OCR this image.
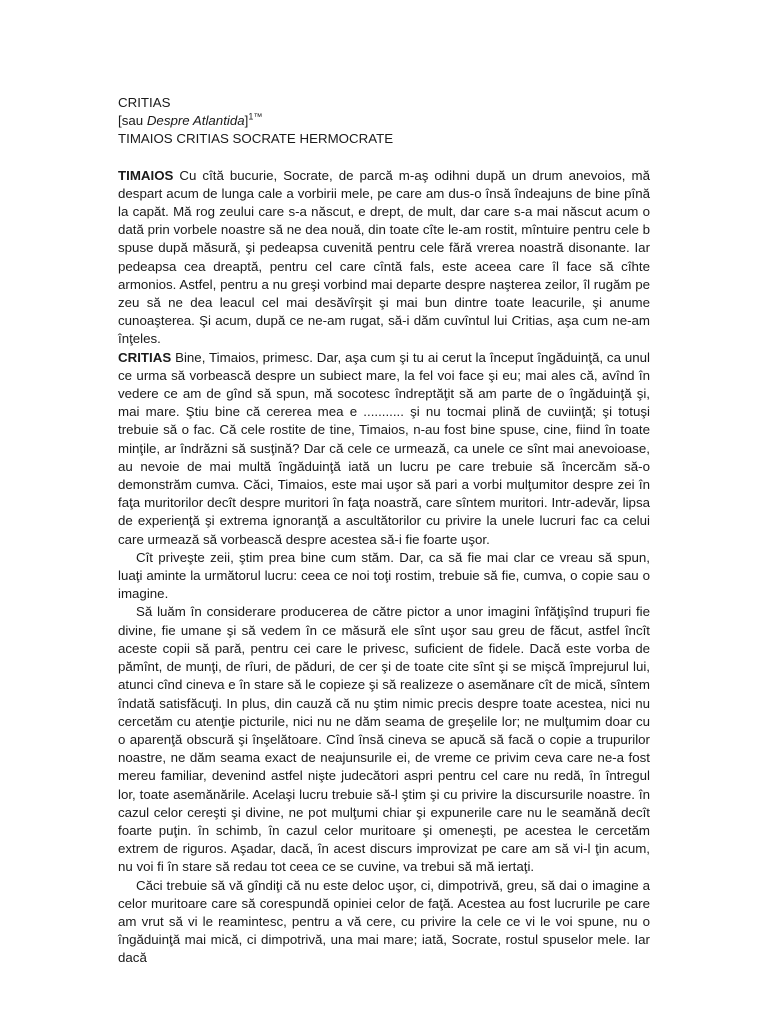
CRITIAS

[sau Despre Atlantida]$^{1™}$

TIMAIOS CRITIAS SOCRATE HERMOCRATE

TIMAIOS Cu cîtă bucurie, Socrate, de parcă m-aş odihni după un drum anevoios, mă despart acum de lunga cale a vorbirii mele, pe care am dus-o însă îndeajuns de bine pînă la capăt. Mă rog zeului care s-a născut, e drept, de mult, dar care s-a mai născut acum o dată prin vorbele noastre să ne dea nouă, din toate cîte le-am rostit, mîntuire pentru cele b spuse după măsură, şi pedeapsa cuvenită pentru cele fără vrerea noastră disonante. Iar pedeapsa cea dreaptă, pentru cel care cîntă fals, este aceea care îl face să cîhte armonios. Astfel, pentru a nu greşi vorbind mai departe despre naşterea zeilor, îl rugăm pe zeu să ne dea leacul cel mai desăvîrşit şi mai bun dintre toate leacurile, şi anume cunoaşterea. Şi acum, după ce ne-am rugat, să-i dăm cuvîntul lui Critias, aşa cum ne-am înţeles.

CRITIAS Bine, Timaios, primesc. Dar, aşa cum şi tu ai cerut la început îngăduinţă, ca unul ce urma să vorbească despre un subiect mare, la fel voi face şi eu; mai ales că, avînd în vedere ce am de gînd să spun, mă socotesc îndreptăţit să am parte de o îngăduinţă şi, mai mare. Ştiu bine că cererea mea e ........... şi nu tocmai plină de cuviinţă; şi totuşi trebuie să o fac. Că cele rostite de tine, Timaios, n-au fost bine spuse, cine, fiind în toate minţile, ar îndrăzni să susţină? Dar că cele ce urmează, ca unele ce sînt mai anevoioase, au nevoie de mai multă îngăduinţă iată un lucru pe care trebuie să încercăm să-o demonstrăm cumva. Căci, Timaios, este mai uşor să pari a vorbi mulţumitor despre zei în faţa muritorilor decît despre muritori în faţa noastră, care sîntem muritori. Intr-adevăr, lipsa de experienţă şi extrema ignoranţă a ascultătorilor cu privire la unele lucruri fac ca celui care urmează să vorbească despre acestea să-i fie foarte uşor.

Cît priveşte zeii, ştim prea bine cum stăm. Dar, ca să fie mai clar ce vreau să spun, luaţi aminte la următorul lucru: ceea ce noi toţi rostim, trebuie să fie, cumva, o copie sau o imagine.

Să luăm în considerare producerea de către pictor a unor imagini înfăţişînd trupuri fie divine, fie umane şi să vedem în ce măsură ele sînt uşor sau greu de făcut, astfel încît aceste copii să pară, pentru cei care le privesc, suficient de fidele. Dacă este vorba de pămînt, de munţi, de rîuri, de păduri, de cer şi de toate cite sînt şi se mişcă împrejurul lui, atunci cînd cineva e în stare să le copieze şi să realizeze o asemănare cît de mică, sîntem îndată satisfăcuţi. In plus, din cauză că nu ştim nimic precis despre toate acestea, nici nu cercetăm cu atenţie picturile, nici nu ne dăm seama de greşelile lor; ne mulţumim doar cu o aparenţă obscură şi înşelătoare. Cînd însă cineva se apucă să facă o copie a trupurilor noastre, ne dăm seama exact de neajunsurile ei, de vreme ce privim ceva care ne-a fost mereu familiar, devenind astfel nişte judecători aspri pentru cel care nu redă, în întregul lor, toate asemănările. Acelaşi lucru trebuie să-l ştim şi cu privire la discursurile noastre. în cazul celor cereşti şi divine, ne pot mulţumi chiar şi expunerile care nu le seamănă decît foarte puţin. în schimb, în cazul celor muritoare şi omeneşti, pe acestea le cercetăm extrem de riguros. Aşadar, dacă, în acest discurs improvizat pe care am să vi-l ţin acum, nu voi fi în stare să redau tot ceea ce se cuvine, va trebui să mă iertaţi.

Căci trebuie să vă gîndiţi că nu este deloc uşor, ci, dimpotrivă, greu, să dai o imagine a celor muritoare care să corespundă opiniei celor de faţă. Acestea au fost lucrurile pe care am vrut să vi le reamintesc, pentru a vă cere, cu privire la cele ce vi le voi spune, nu o îngăduinţă mai mică, ci dimpotrivă, una mai mare; iată, Socrate, rostul spuselor mele. Iar dacă
